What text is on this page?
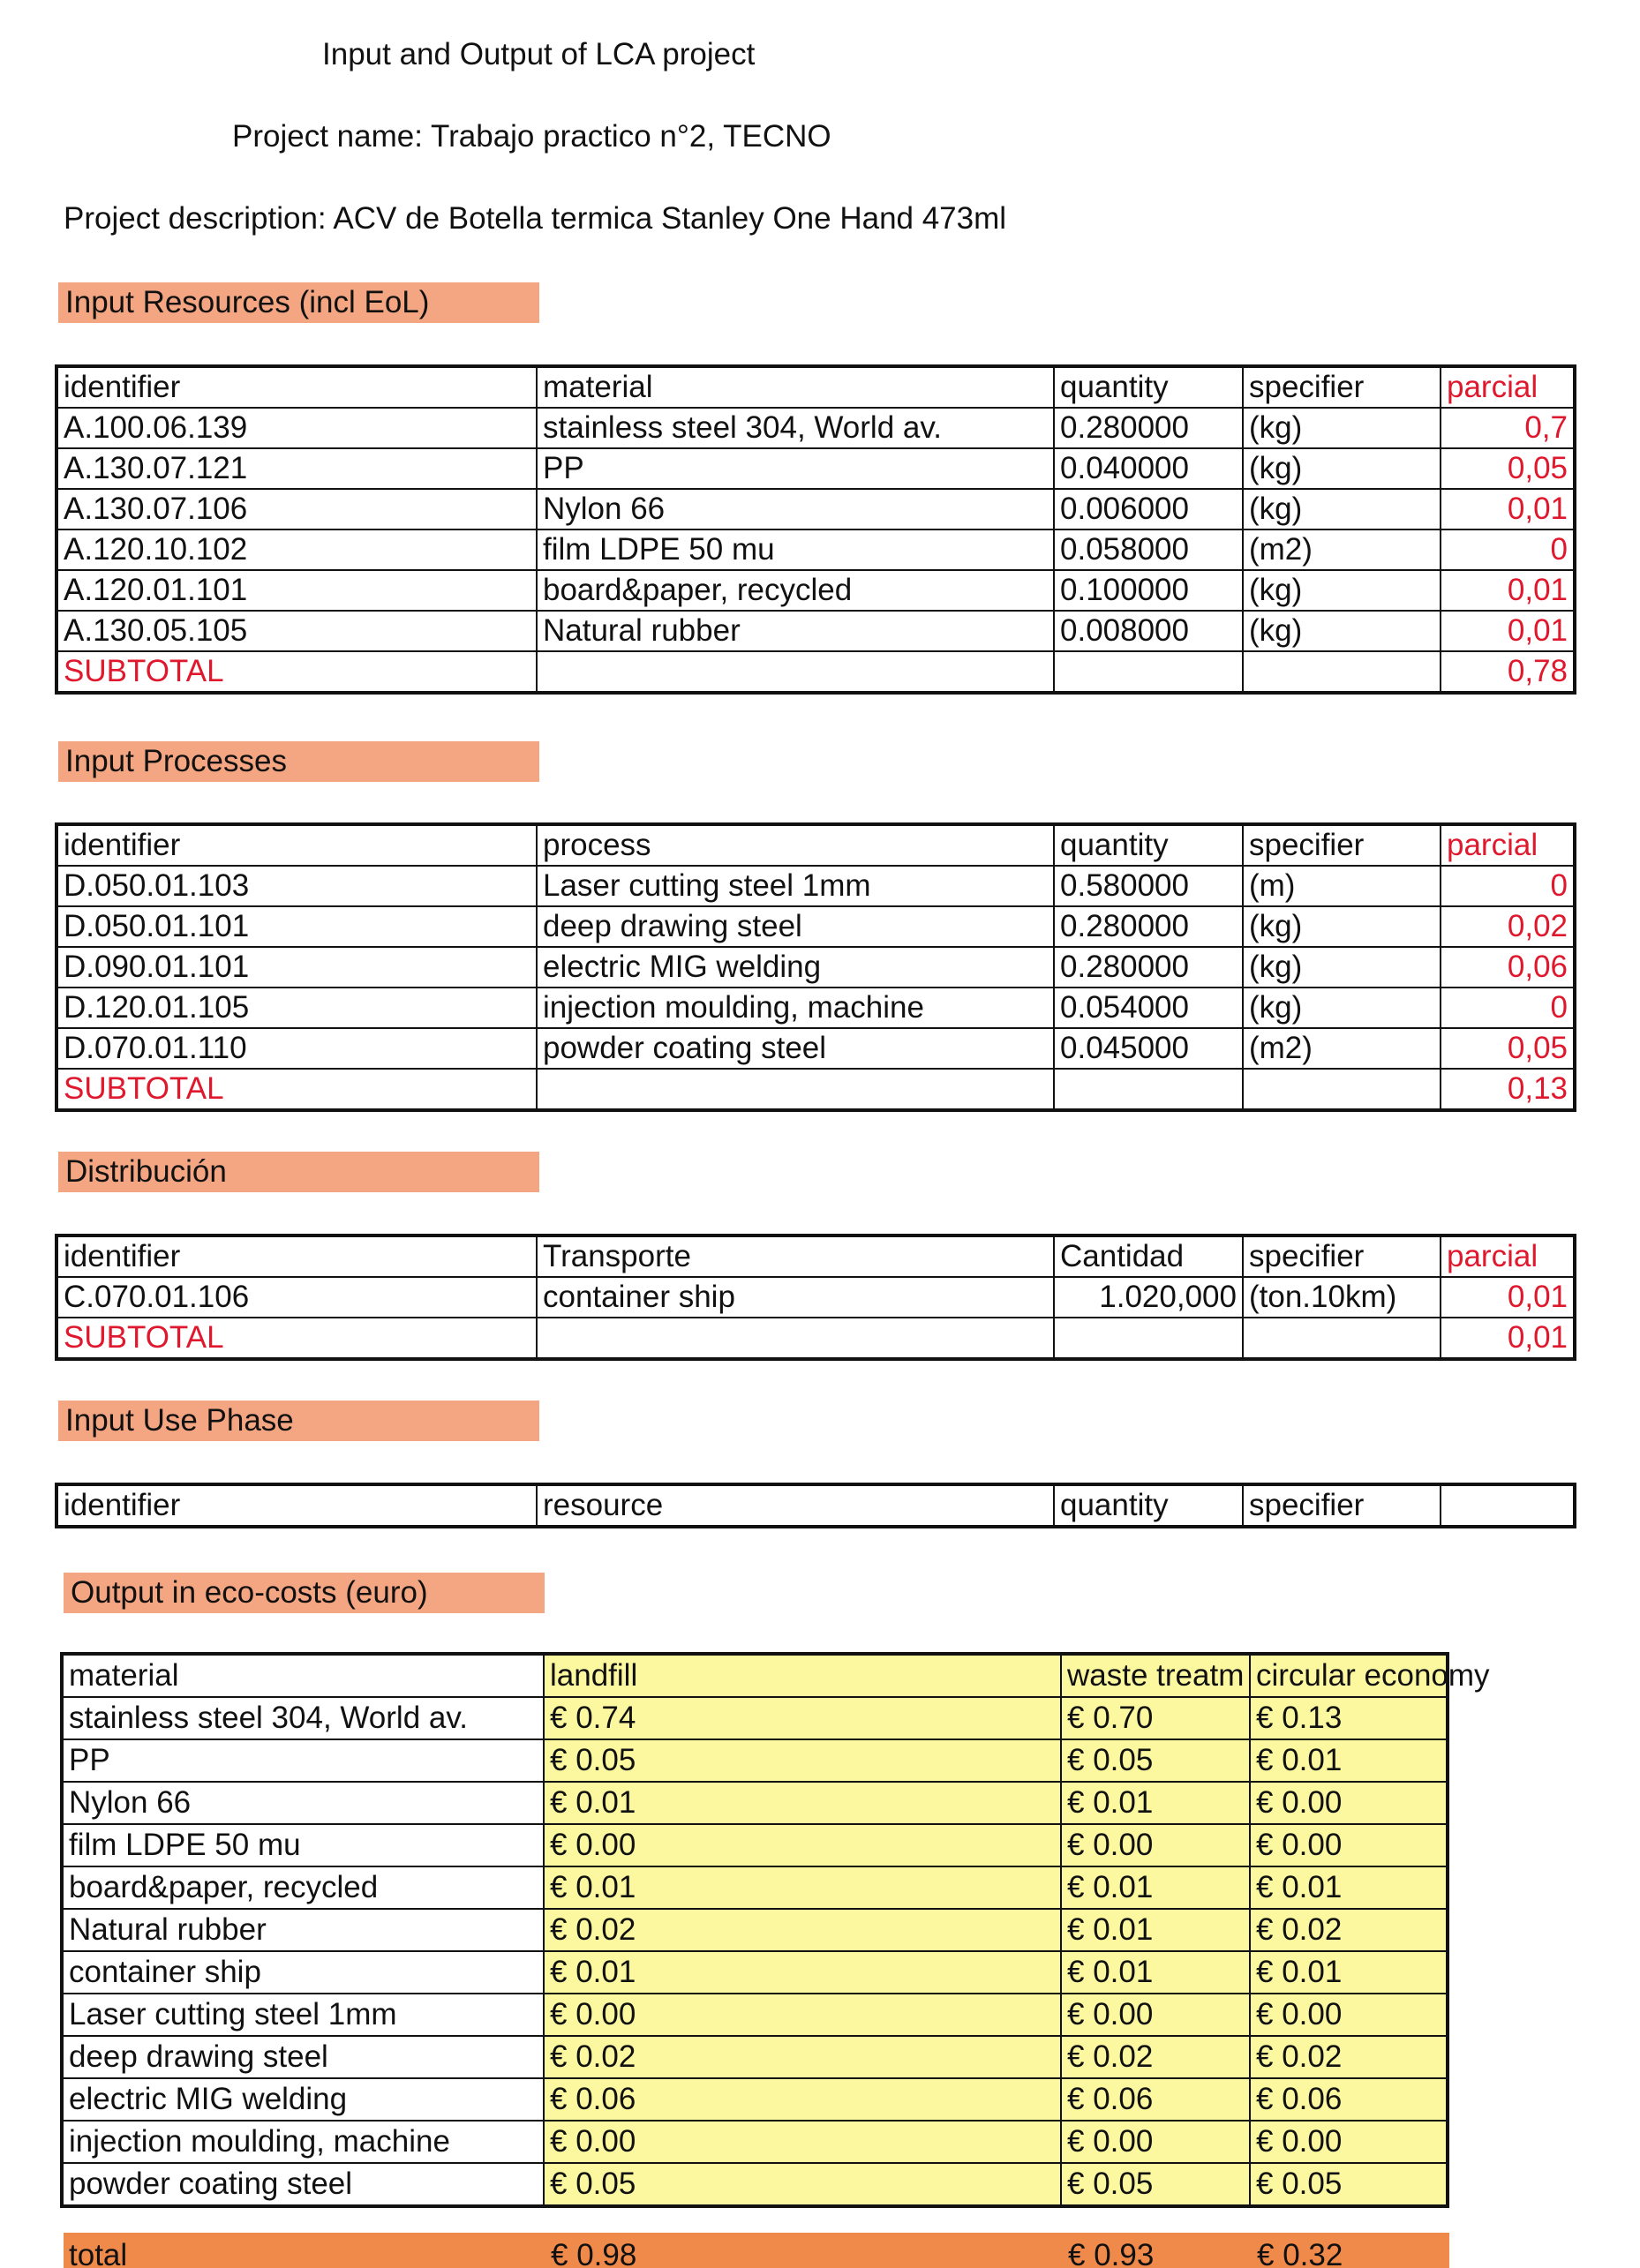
Input and Output of LCA project
Project name: Trabajo practico n°2, TECNO
Project description: ACV de Botella termica Stanley One Hand 473ml
Input Resources (incl EoL)
identifier	material	quantity	specifier	parcial
A.100.06.139	stainless steel 304, World av.	0.280000	(kg)	0,7
A.130.07.121	PP	0.040000	(kg)	0,05
A.130.07.106	Nylon 66	0.006000	(kg)	0,01
A.120.10.102	film LDPE 50 mu	0.058000	(m2)	0
A.120.01.101	board&paper, recycled	0.100000	(kg)	0,01
A.130.05.105	Natural rubber	0.008000	(kg)	0,01
SUBTOTAL				0,78
Input Processes
identifier	process	quantity	specifier	parcial
D.050.01.103	Laser cutting steel 1mm	0.580000	(m)	0
D.050.01.101	deep drawing steel	0.280000	(kg)	0,02
D.090.01.101	electric MIG welding	0.280000	(kg)	0,06
D.120.01.105	injection moulding, machine	0.054000	(kg)	0
D.070.01.110	powder coating steel	0.045000	(m2)	0,05
SUBTOTAL				0,13
Distribución
identifier	Transporte	Cantidad	specifier	parcial
C.070.01.106	container ship	1.020,000	(ton.10km)	0,01
SUBTOTAL				0,01
Input Use Phase
identifier	resource	quantity	specifier	
Output in eco-costs (euro)
material	landfill	waste treatm	circular economy
stainless steel 304, World av.	€ 0.74	€ 0.70	€ 0.13
PP	€ 0.05	€ 0.05	€ 0.01
Nylon 66	€ 0.01	€ 0.01	€ 0.00
film LDPE 50 mu	€ 0.00	€ 0.00	€ 0.00
board&paper, recycled	€ 0.01	€ 0.01	€ 0.01
Natural rubber	€ 0.02	€ 0.01	€ 0.02
container ship	€ 0.01	€ 0.01	€ 0.01
Laser cutting steel 1mm	€ 0.00	€ 0.00	€ 0.00
deep drawing steel	€ 0.02	€ 0.02	€ 0.02
electric MIG welding	€ 0.06	€ 0.06	€ 0.06
injection moulding, machine	€ 0.00	€ 0.00	€ 0.00
powder coating steel	€ 0.05	€ 0.05	€ 0.05
total	€ 0.98	€ 0.93	€ 0.32
